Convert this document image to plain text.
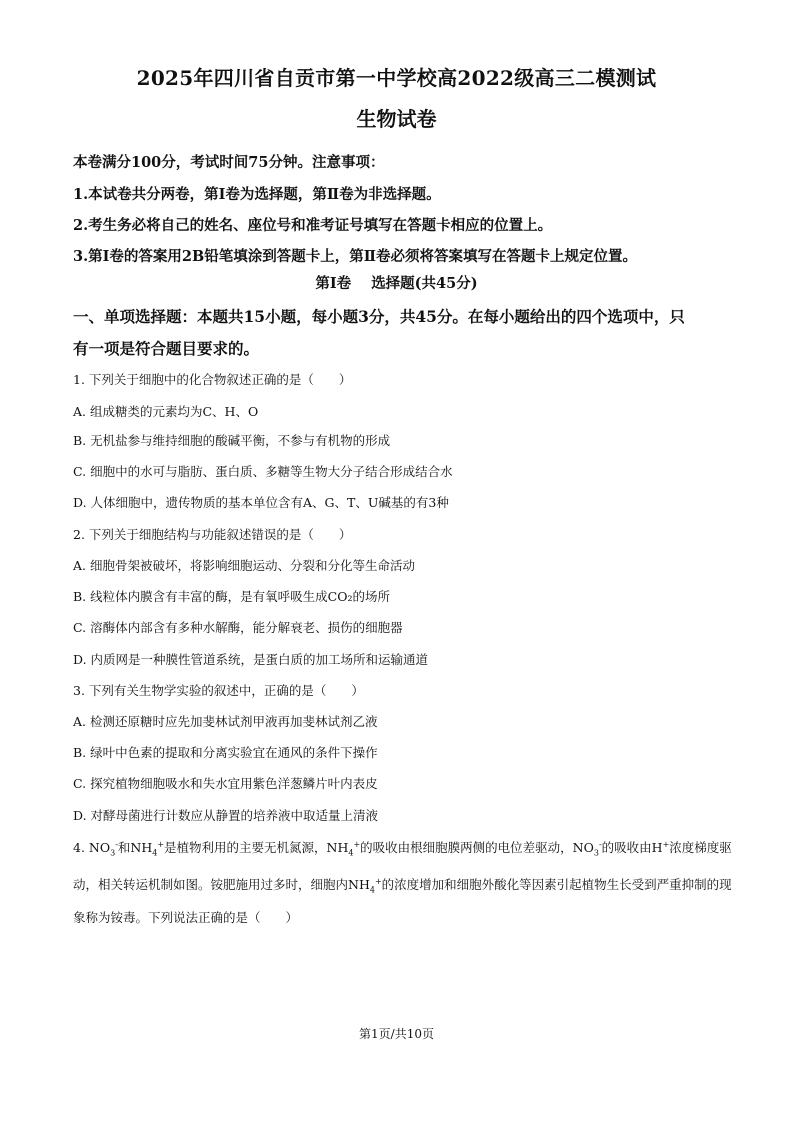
2025年四川省自贡市第一中学校高2022级高三二模测试
生物试卷
本卷满分100分，考试时间75分钟。注意事项：
1.本试卷共分两卷，第Ⅰ卷为选择题，第Ⅱ卷为非选择题。
2.考生务必将自己的姓名、座位号和准考证号填写在答题卡相应的位置上。
3.第Ⅰ卷的答案用2B铅笔填涂到答题卡上，第Ⅱ卷必须将答案填写在答题卡上规定位置。
第Ⅰ卷 选择题(共45分)
一、单项选择题：本题共15小题，每小题3分，共45分。在每小题给出的四个选项中，只
有一项是符合题目要求的。
1. 下列关于细胞中的化合物叙述正确的是（　　）
A. 组成糖类的元素均为C、H、O
B. 无机盐参与维持细胞的酸碱平衡，不参与有机物的形成
C. 细胞中的水可与脂肪、蛋白质、多糖等生物大分子结合形成结合水
D. 人体细胞中，遗传物质的基本单位含有A、G、T、U碱基的有3种
2. 下列关于细胞结构与功能叙述错误的是（　　）
A. 细胞骨架被破坏，将影响细胞运动、分裂和分化等生命活动
B. 线粒体内膜含有丰富的酶，是有氧呼吸生成CO₂的场所
C. 溶酶体内部含有多种水解酶，能分解衰老、损伤的细胞器
D. 内质网是一种膜性管道系统，是蛋白质的加工场所和运输通道
3. 下列有关生物学实验的叙述中，正确的是（　　）
A. 检测还原糖时应先加斐林试剂甲液再加斐林试剂乙液
B. 绿叶中色素的提取和分离实验宜在通风的条件下操作
C. 探究植物细胞吸水和失水宜用紫色洋葱鳞片叶内表皮
D. 对酵母菌进行计数应从静置的培养液中取适量上清液
4. $NO_3^-$和$NH_4^+$是植物利用的主要无机氮源，$NH_4^+$的吸收由根细胞膜两侧的电位差驱动，$NO_3^-$的吸收由H+浓度梯度驱动，相关转运机制如图。铵肥施用过多时，细胞内$NH_4^+$的浓度增加和细胞外酸化等因素引起植物生长受到严重抑制的现象称为铵毒。下列说法正确的是（　　）
第1页/共10页
